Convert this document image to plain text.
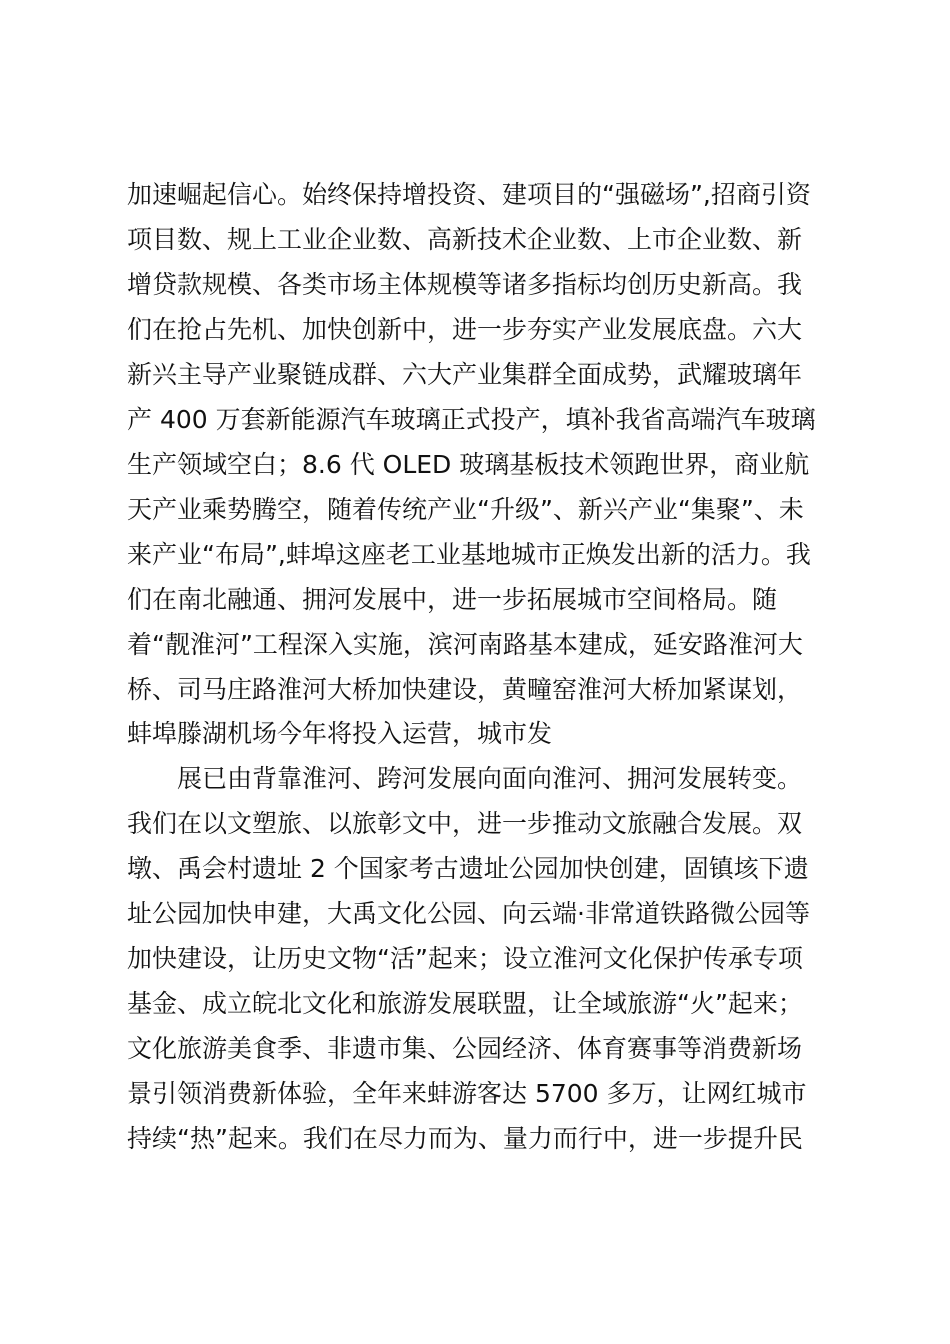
加速崛起信心。始终保持增投资、建项目的“强磁场”,招商引资
项目数、规上工业企业数、高新技术企业数、上市企业数、新
增贷款规模、各类市场主体规模等诸多指标均创历史新高。我
们在抢占先机、加快创新中，进一步夯实产业发展底盘。六大
新兴主导产业聚链成群、六大产业集群全面成势，武耀玻璃年
产 400 万套新能源汽车玻璃正式投产，填补我省高端汽车玻璃
生产领域空白；8.6 代 OLED 玻璃基板技术领跑世界，商业航
天产业乘势腾空，随着传统产业“升级”、新兴产业“集聚”、未
来产业“布局”,蚌埠这座老工业基地城市正焕发出新的活力。我
们在南北融通、拥河发展中，进一步拓展城市空间格局。随
着“靓淮河”工程深入实施，滨河南路基本建成，延安路淮河大
桥、司马庄路淮河大桥加快建设，黄疃窑淮河大桥加紧谋划，
蚌埠滕湖机场今年将投入运营，城市发
展已由背靠淮河、跨河发展向面向淮河、拥河发展转变。
我们在以文塑旅、以旅彰文中，进一步推动文旅融合发展。双
墩、禹会村遗址 2 个国家考古遗址公园加快创建，固镇垓下遗
址公园加快申建，大禹文化公园、向云端·非常道铁路微公园等
加快建设，让历史文物“活”起来；设立淮河文化保护传承专项
基金、成立皖北文化和旅游发展联盟，让全域旅游“火”起来；
文化旅游美食季、非遗市集、公园经济、体育赛事等消费新场
景引领消费新体验，全年来蚌游客达 5700 多万，让网红城市
持续“热”起来。我们在尽力而为、量力而行中，进一步提升民
